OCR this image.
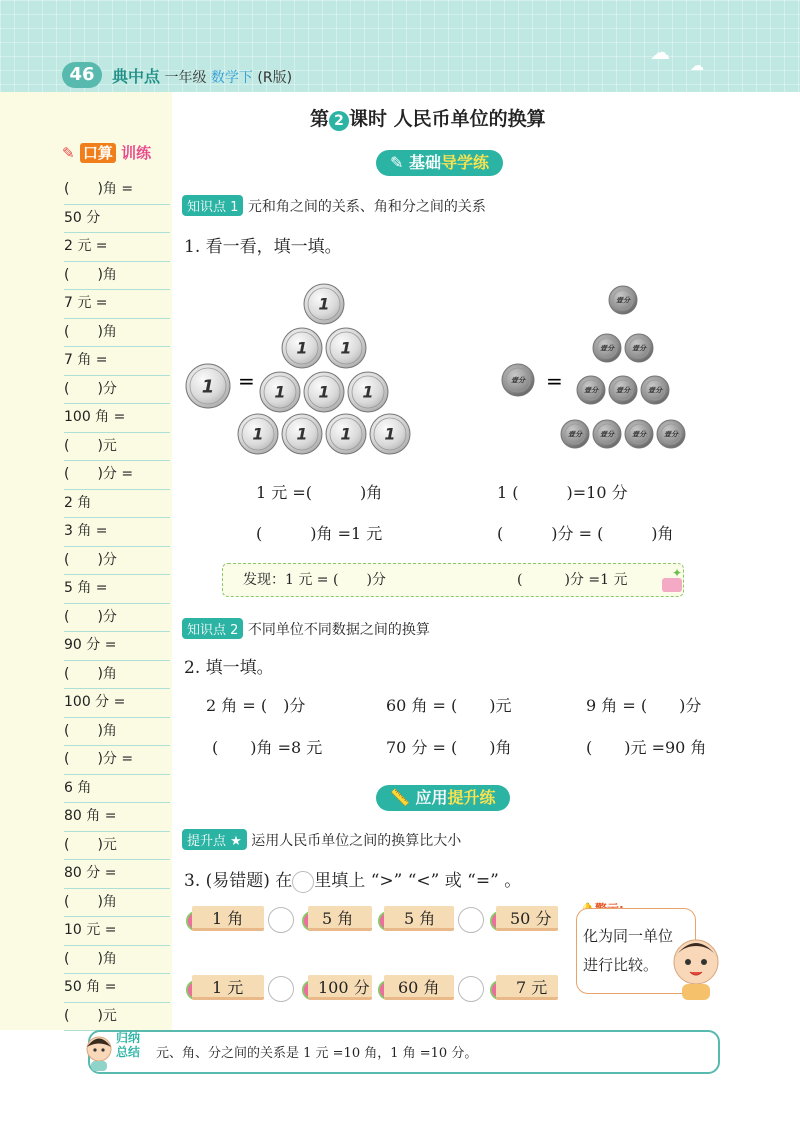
☁
☁
46	典中点 一年级 数学下 (R版)
✎ 口算 训练
(　　)角 =
50 分
2 元 =
(　　)角
7 元 =
(　　)角
7 角 =
(　　)分
100 角 =
(　　)元
(　　)分 =
2 角
3 角 =
(　　)分
5 角 =
(　　)分
90 分 =
(　　)角
100 分 =
(　　)角
(　　)分 =
6 角
80 角 =
(　　)元
80 分 =
(　　)角
10 元 =
(　　)角
50 角 =
(　　)元
第 2 课时 人民币单位的换算
✎ 基础导学练
知识点 1 元和角之间的关系、角和分之间的关系
1. 看一看，填一填。
1
1
1 1
1 1 1
1 1 1 1
壹分
壹分
壹分	壹分
壹分	壹分	壹分
壹分	壹分	壹分	壹分
=	=
1 元 =(　　　)角	1 (　　　)=10 分
(　　　)角 =1 元	(　　　)分 = (　　　)角
发现：1 元 = (　　)分	(　　　)分 =1 元	✦
知识点 2 不同单位不同数据之间的换算
2. 填一填。
2 角 = (　)分	60 角 = (　　)元	9 角 = (　　)分
(　　)角 =8 元	70 分 = (　　)角	(　　)元 =90 角
📏 应用提升练
提升点 ★ 运用人民币单位之间的换算比大小
3. (易错题) 在 里填上 “>” “<” 或 “=” 。
1 角	5 角	5 角	50 分
1 元	100 分 60 角	7 元
化为同一单位
进行比较。
元、角、分之间的关系是 1 元 =10 角，1 角 =10 分。
归纳
总结
